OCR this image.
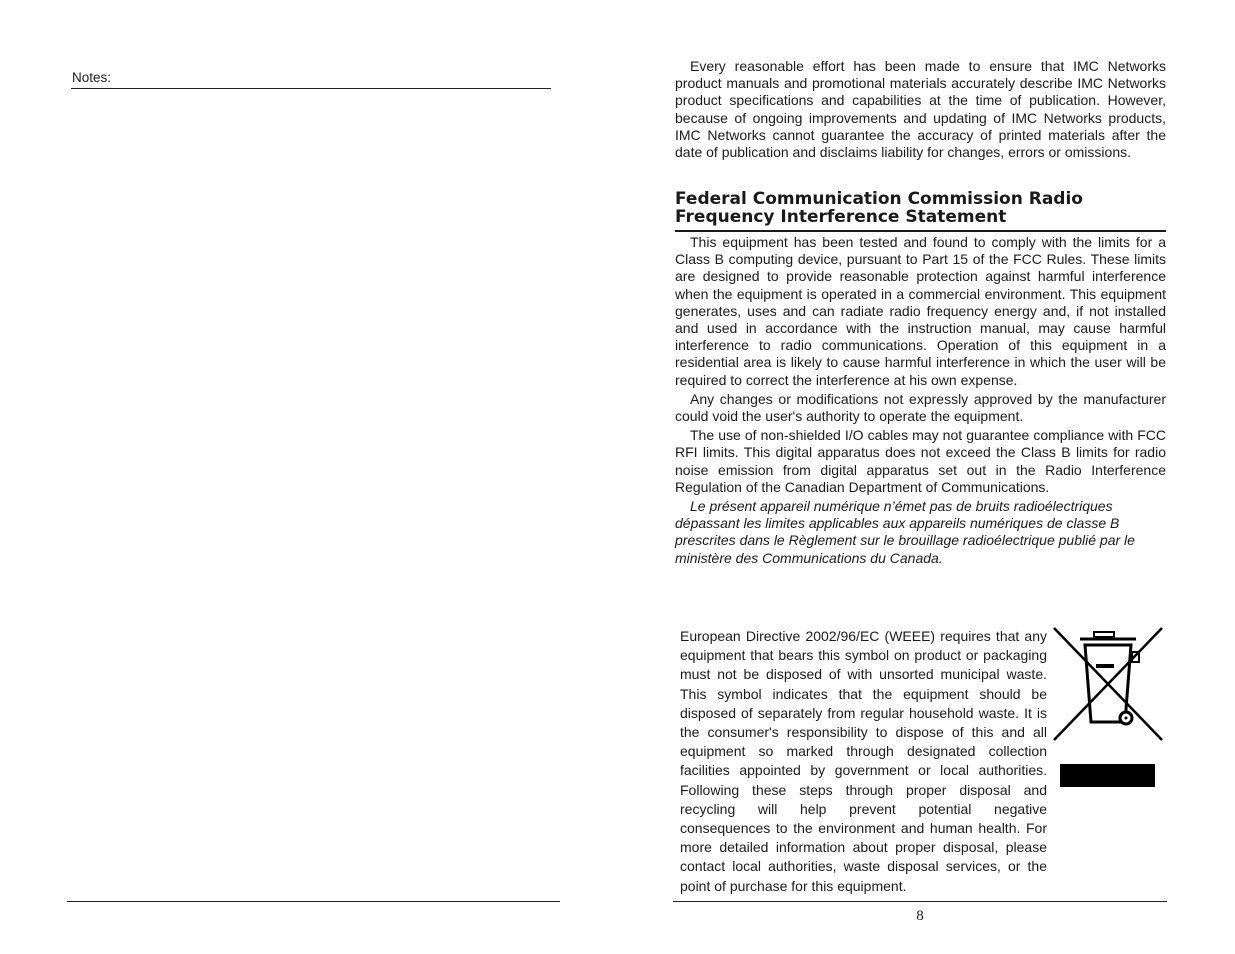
Notes:

Every reasonable effort has been made to ensure that IMC Networks product manuals and promotional materials accurately describe IMC Networks product specifications and capabilities at the time of publication. However, because of ongoing improvements and updating of IMC Networks products, IMC Networks cannot guarantee the accuracy of printed materials after the date of publication and disclaims liability for changes, errors or omissions.

Federal Communication Commission Radio Frequency Interference Statement

This equipment has been tested and found to comply with the limits for a Class B computing device, pursuant to Part 15 of the FCC Rules. These limits are designed to provide reasonable protection against harmful interference when the equipment is operated in a commercial environment. This equipment generates, uses and can radiate radio frequency energy and, if not installed and used in accordance with the instruction manual, may cause harmful interference to radio communications. Operation of this equipment in a residential area is likely to cause harmful interference in which the user will be required to correct the interference at his own expense.

Any changes or modifications not expressly approved by the manufacturer could void the user's authority to operate the equipment.

The use of non-shielded I/O cables may not guarantee compliance with FCC RFI limits. This digital apparatus does not exceed the Class B limits for radio noise emission from digital apparatus set out in the Radio Interference Regulation of the Canadian Department of Communications.

Le présent appareil numérique n’émet pas de bruits radioélectriques dépassant les limites applicables aux appareils numériques de classe B prescrites dans le Règlement sur le brouillage radioélectrique publié par le ministère des Communications du Canada.

European Directive 2002/96/EC (WEEE) requires that any equipment that bears this symbol on product or packaging must not be disposed of with unsorted municipal waste. This symbol indicates that the equipment should be disposed of separately from regular household waste. It is the consumer's responsibility to dispose of this and all equipment so marked through designated collection facilities appointed by government or local authorities. Following these steps through proper disposal and recycling will help prevent potential negative consequences to the environment and human health. For more detailed information about proper disposal, please contact local authorities, waste disposal services, or the point of purchase for this equipment.

8
